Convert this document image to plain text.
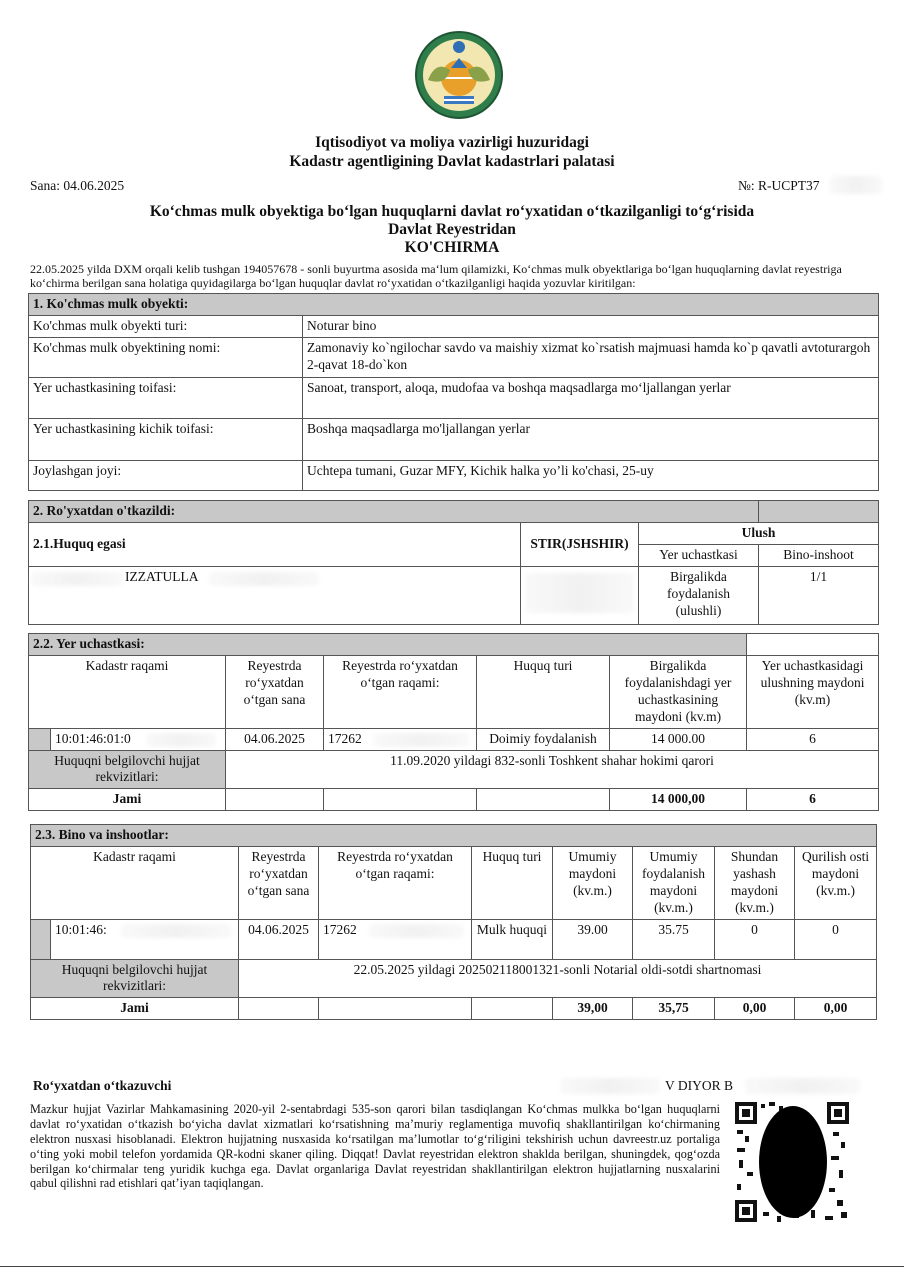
Iqtisodiyot va moliya vazirligi huzuridagi
Kadastr agentligining Davlat kadastrlari palatasi
Sana: 04.06.2025	№: R-UCPT37
Ko‘chmas mulk obyektiga bo‘lgan huquqlarni davlat ro‘yxatidan o‘tkazilganligi to‘g‘risida
Davlat Reyestridan
KO'CHIRMA
22.05.2025 yilda DXM orqali kelib tushgan 194057678 - sonli buyurtma asosida ma‘lum qilamizki, Ko‘chmas mulk obyektlariga bo‘lgan huquqlarning davlat reyestriga ko‘chirma berilgan sana holatiga quyidagilarga bo‘lgan huquqlar davlat ro‘yxatidan o‘tkazilganligi haqida yozuvlar kiritilgan:
1. Ko'chmas mulk obyekti:	
Ko'chmas mulk obyekti turi:	Noturar bino
Ko'chmas mulk obyektining nomi:	Zamonaviy ko`ngilochar savdo va maishiy xizmat ko`rsatish majmuasi hamda ko`p qavatli avtoturargoh 2-qavat 18-do`kon
Yer uchastkasining toifasi:	Sanoat, transport, aloqa, mudofaa va boshqa maqsadlarga mo‘ljallangan yerlar
Yer uchastkasining kichik toifasi:	Boshqa maqsadlarga mo'ljallangan yerlar
Joylashgan joyi:	Uchtepa tumani, Guzar MFY, Kichik halka yo’li ko'chasi, 25-uy
2. Ro'yxatdan o'tkazildi:			
2.1.Huquq egasi	STIR(JSHSHIR)	Ulush	
		Yer uchastkasi	Bino-inshoot

IZZATULLA		Birgalikda foydalanish (ulushli)	1/1
2.2. Yer uchastkasi:						
Kadastr raqami		Reyestrda ro‘yxatdan o‘tgan sana	Reyestrda ro‘yxatdan o‘tgan raqami:	Huquq turi	Birgalikda foydalanishdagi yer uchastkasining maydoni (kv.m)	Yer uchastkasidagi ulushning maydoni (kv.m)
	10:01:46:01:0	04.06.2025	17262	Doimiy foydalanish	14 000.00	6
Huquqni belgilovchi hujjat rekvizitlari:		11.09.2020 yildagi 832-sonli Toshkent shahar hokimi qarori				
Jami					14 000,00	6
2.3. Bino va inshootlar:								
Kadastr raqami		Reyestrda ro‘yxatdan o‘tgan sana	Reyestrda ro‘yxatdan o‘tgan raqami:	Huquq turi	Umumiy maydoni (kv.m.)	Umumiy foydalanish maydoni (kv.m.)	Shundan yashash maydoni (kv.m.)	Qurilish osti maydoni (kv.m.)
	10:01:46:	04.06.2025	17262	Mulk huquqi	39.00	35.75	0	0
Huquqni belgilovchi hujjat rekvizitlari:		22.05.2025 yildagi 202502118001321-sonli Notarial oldi-sotdi shartnomasi						
Jami					39,00	35,75	0,00	0,00
Ro‘yxatdan o‘tkazuvchi	V DIYOR B
Mazkur hujjat Vazirlar Mahkamasining 2020-yil 2-sentabrdagi 535-son qarori bilan tasdiqlangan Ko‘chmas mulkka bo‘lgan huquqlarni davlat ro‘yxatidan o‘tkazish bo‘yicha davlat xizmatlari ko‘rsatishning ma’muriy reglamentiga muvofiq shakllantirilgan ko‘chirmaning elektron nusxasi hisoblanadi. Elektron hujjatning nusxasida ko‘rsatilgan ma’lumotlar to‘g‘riligini tekshirish uchun davreestr.uz portaliga o‘ting yoki mobil telefon yordamida QR-kodni skaner qiling. Diqqat! Davlat reyestridan elektron shaklda berilgan, shuningdek, qog‘ozda berilgan ko‘chirmalar teng yuridik kuchga ega. Davlat organlariga Davlat reyestridan shakllantirilgan elektron hujjatlarning nusxalarini qabul qilishni rad etishlari qat’iyan taqiqlangan.
